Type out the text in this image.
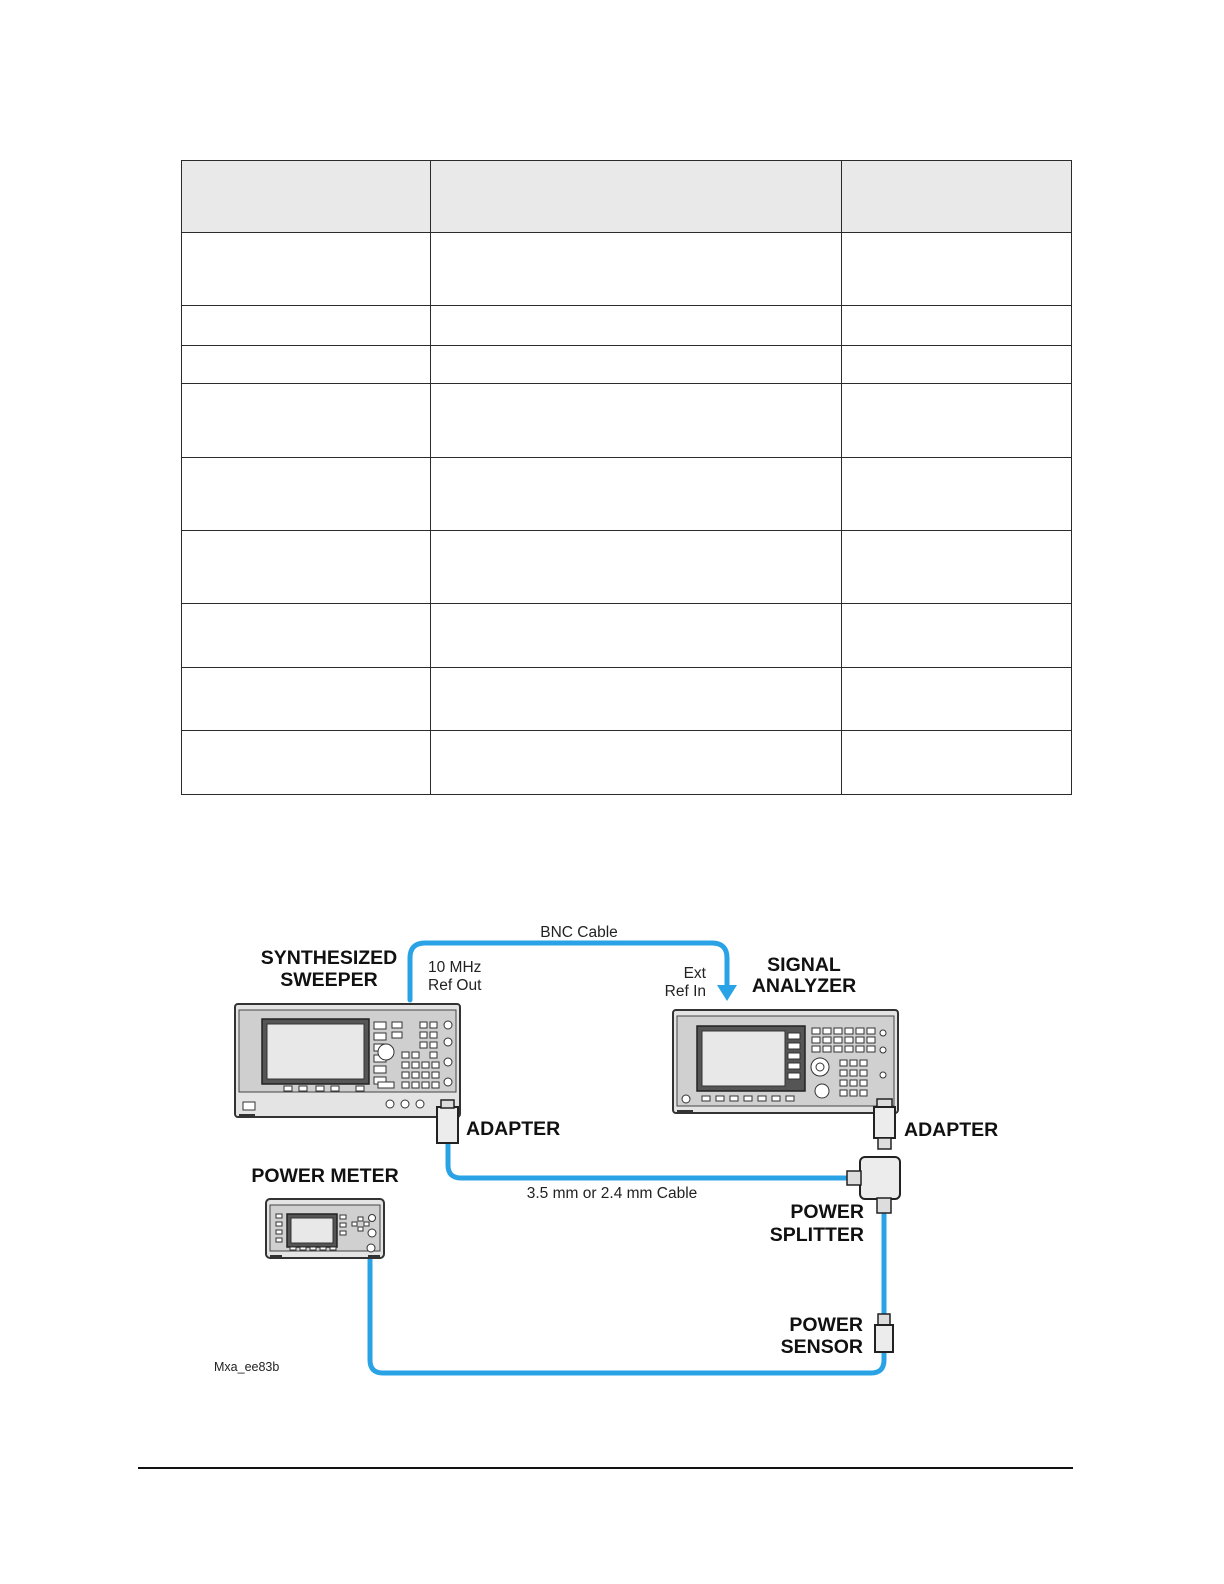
SYNTHESIZED
SWEEPER
SIGNAL
ANALYZER
BNC Cable
10 MHz
Ref Out
Ext
Ref In
ADAPTER	ADAPTER
POWER METER
3.5 mm or 2.4 mm Cable
POWER
SPLITTER
POWER
SENSOR
Mxa_ee83b
